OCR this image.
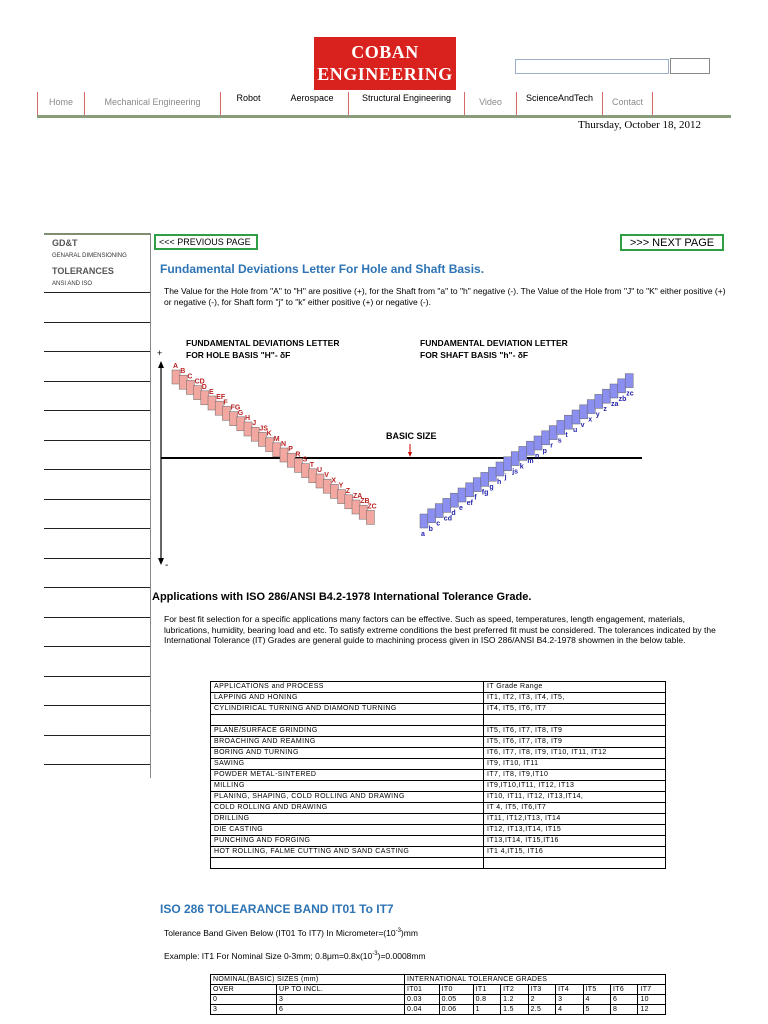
COBAN
ENGINEERING
Home	Mechanical Engineering	Robot	Aerospace	Structural Engineering	Video	ScienceAndTech	Contact
Thursday, October 18, 2012
GD&T
GENARAL DIMENSIONING
TOLERANCES
ANSI AND ISO
<<< PREVIOUS PAGE	>>> NEXT PAGE
Fundamental Deviations Letter For Hole and Shaft Basis.
The Value for the Hole from "A" to "H" are positive (+), for the Shaft from "a" to "h" negative (-). The Value of the Hole from "J" to "K" either positive (+) or negative (-), for Shaft form "j" to "k" either positive (+) or negative (-).
FUNDAMENTAL DEVIATIONS LETTER
FOR HOLE BASIS "H"- δF
FUNDAMENTAL DEVIATION LETTER
FOR SHAFT BASIS "h"- δF
+
-
BASIC SIZE
A
B
C
CD
D
E
EF
F
FG
G
H
J
JS
K
M
N
P
R
S
T
U
V
X
Y
Z
ZA
ZB
ZC
a
b
c
cd
d
e
ef
f
fg
g
h
j
js
k
m
n
p
r
s
t
u
v
x
y
z
za
zb
zc
Applications with ISO 286/ANSI B4.2-1978 International Tolerance Grade.
For best fit selection for a specific applications many factors can be effective. Such as speed, temperatures, length engagement, materials, lubrications, humidity, bearing load and etc. To satisfy extreme conditions the best preferred fit must be considered. The tolerances indicated by the International Tolerance (IT) Grades are general guide to machining process given in ISO 286/ANSI B4.2-1978 showmen in the below table.
APPLICATIONS and PROCESS	IT Grade Range
LAPPING AND HONING	IT1, IT2, IT3, IT4, IT5,
CYLINDIRICAL TURNING AND DIAMOND TURNING	IT4, IT5, IT6, IT7

PLANE/SURFACE GRINDING	IT5, IT6, IT7, IT8, IT9
BROACHING AND REAMING	IT5, IT6, IT7, IT8, IT9
BORING AND TURNING	IT6, IT7, IT8, IT9, IT10, IT11, IT12
SAWING	IT9, IT10, IT11
POWDER METAL-SINTERED	IT7, IT8, IT9,IT10
MILLING	IT9,IT10,IT11, IT12, IT13
PLANING, SHAPING, COLD ROLLING AND DRAWING	IT10, IT11, IT12, IT13,IT14,
COLD ROLLING AND DRAWING	IT 4, IT5, IT6,IT7
DRILLING	IT11, IT12,IT13, IT14
DIE CASTING	IT12, IT13,IT14, IT15
PUNCHING AND FORGING	IT13,IT14, IT15,IT16
HOT ROLLING, FALME CUTTING AND SAND CASTING	IT1 4,IT15, IT16

ISO 286 TOLEARANCE BAND IT01 To IT7
Tolerance Band Given Below (IT01 To IT7) In $Micrometer=(10^{-3})mm$
Example: IT1 For Nominal Size 0-3mm; $0.8\mu m=0.8x(10^{-3})=0.0008mm$
NOMINAL(BASIC) SIZES (mm)		INTERNATIONAL TOLERANCE GRADES								
OVER	UP TO INCL.	IT01	IT0	IT1	IT2	IT3	IT4	IT5	IT6	IT7
0	3	0.03	0.05	0.8	1.2	2	3	4	6	10
3	6	0.04	0.06	1	1.5	2.5	4	5	8	12
